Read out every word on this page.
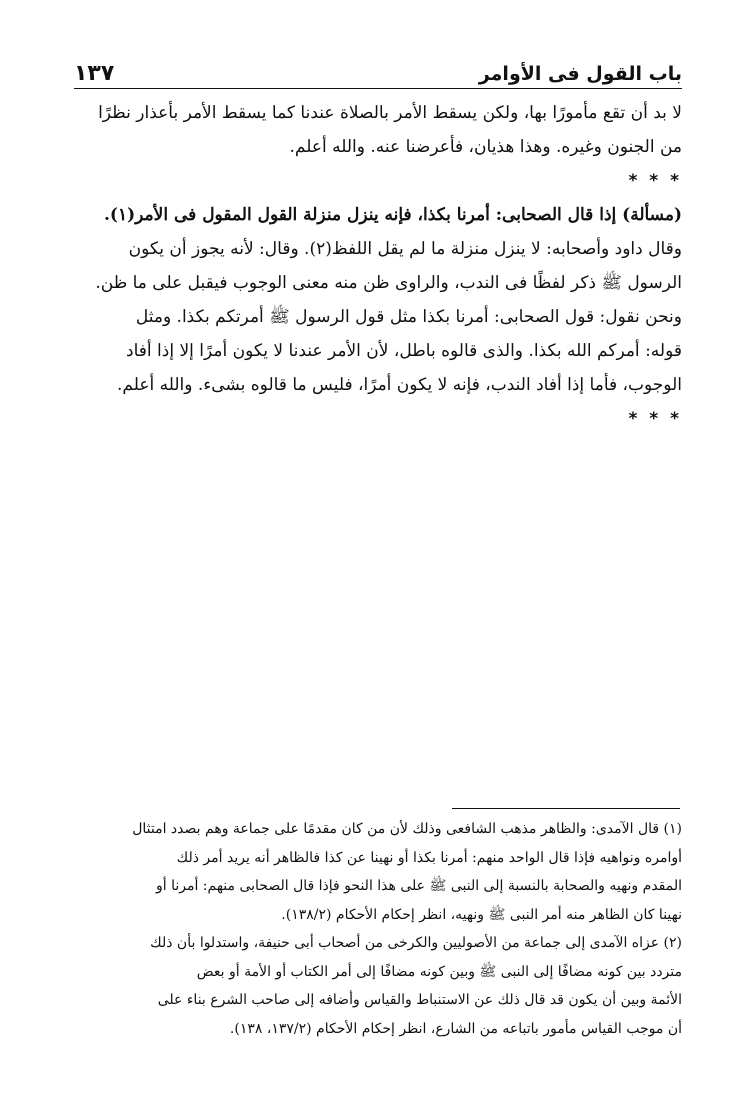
باب القول فى الأوامر
١٣٧
لا بد أن تقع مأمورًا بها، ولكن يسقط الأمر بالصلاة عندنا كما يسقط الأمر بأعذار نظرًا
من الجنون وغيره. وهذا هذيان، فأعرضنا عنه. والله أعلم.
* * *
(مسألة) إذا قال الصحابى: أمرنا بكذا، فإنه ينزل منزلة القول المقول فى الأمر(١).
وقال داود وأصحابه: لا ينزل منزلة ما لم يقل اللفظ(٢). وقال: لأنه يجوز أن يكون
الرسول ﷺ ذكر لفظًا فى الندب، والراوى ظن منه معنى الوجوب فيقبل على ما ظن.
ونحن نقول: قول الصحابى: أمرنا بكذا مثل قول الرسول ﷺ أمرتكم بكذا. ومثل
قوله: أمركم الله بكذا. والذى قالوه باطل، لأن الأمر عندنا لا يكون أمرًا إلا إذا أفاد
الوجوب، فأما إذا أفاد الندب، فإنه لا يكون أمرًا، فليس ما قالوه بشىء. والله أعلم.
* * *
(١) قال الآمدى: والظاهر مذهب الشافعى وذلك لأن من كان مقدمًا على جماعة وهم بصدد امتثال
أوامره ونواهيه فإذا قال الواحد منهم: أمرنا بكذا أو نهينا عن كذا فالظاهر أنه يريد أمر ذلك
المقدم ونهيه والصحابة بالنسبة إلى النبى ﷺ على هذا النحو فإذا قال الصحابى منهم: أمرنا أو
نهينا كان الظاهر منه أمر النبى ﷺ ونهيه، انظر إحكام الأحكام (١٣٨/٢).
(٢) عزاه الآمدى إلى جماعة من الأصوليين والكرخى من أصحاب أبى حنيفة، واستدلوا بأن ذلك
متردد بين كونه مضافًا إلى النبى ﷺ وبين كونه مضافًا إلى أمر الكتاب أو الأمة أو بعض
الأئمة وبين أن يكون قد قال ذلك عن الاستنباط والقياس وأضافه إلى صاحب الشرع بناء على
أن موجب القياس مأمور باتباعه من الشارع، انظر إحكام الأحكام (١٣٧/٢، ١٣٨).
